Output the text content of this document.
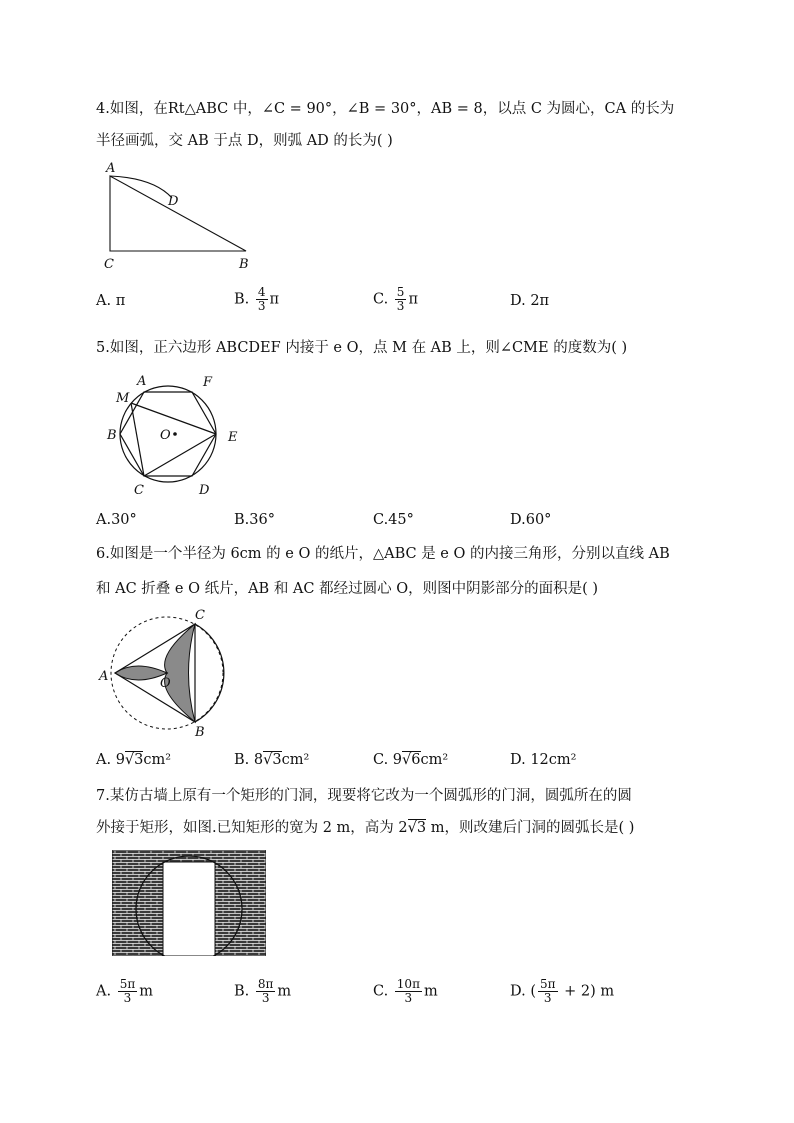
4.如图，在Rt△ABC 中，∠C = 90°，∠B = 30°，AB = 8，以点 C 为圆心，CA 的长为
半径画弧，交 AB 于点 D，则弧 AD 的长为( )
A
D
C	B
A. π	B. $\frac{4}{3}$ π	C. $\frac{5}{3}$ π	D. 2π
5.如图，正六边形 ABCDEF 内接于 e O，点 M 在 AB 上，则∠CME 的度数为( )
A	F
M
B	O	E
C	D
A.30°	B.36°	C.45°	D.60°
6.如图是一个半径为 6cm 的 e O 的纸片，△ABC 是 e O 的内接三角形，分别以直线 AB
和 AC 折叠 e O 纸片，AB 和 AC 都经过圆心 O，则图中阴影部分的面积是( )
C
A	O
B
A. 9√3cm²	B. 8√3cm²	C. 9√6cm²	D. 12cm²
7.某仿古墙上原有一个矩形的门洞，现要将它改为一个圆弧形的门洞，圆弧所在的圆
外接于矩形，如图.已知矩形的宽为 2 m，高为 2√3 m，则改建后门洞的圆弧长是( )
A. $\frac{5\pi}{3}$ m	B. $\frac{8\pi}{3}$ m	C. $\frac{10\pi}{3}$ m	D. ( $\frac{5\pi}{3} + 2$) m
